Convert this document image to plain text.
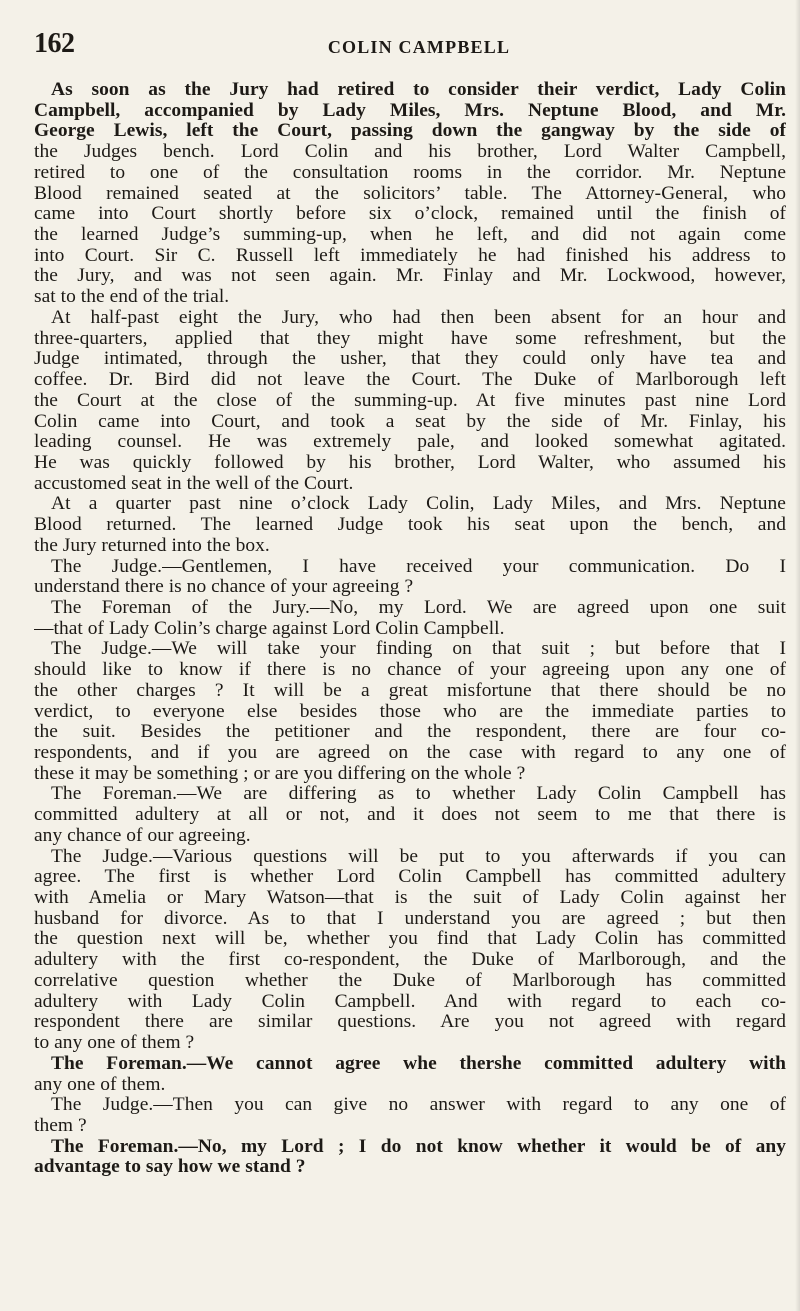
162	COLIN CAMPBELL
As soon as the Jury had retired to consider their verdict, Lady Colin
Campbell, accompanied by Lady Miles, Mrs. Neptune Blood, and Mr.
George Lewis, left the Court, passing down the gangway by the side of
the Judges bench. Lord Colin and his brother, Lord Walter Campbell,
retired to one of the consultation rooms in the corridor. Mr. Neptune
Blood remained seated at the solicitors’ table. The Attorney-General, who
came into Court shortly before six o’clock, remained until the finish of
the learned Judge’s summing-up, when he left, and did not again come
into Court. Sir C. Russell left immediately he had finished his address to
the Jury, and was not seen again. Mr. Finlay and Mr. Lockwood, however,
sat to the end of the trial.
At half-past eight the Jury, who had then been absent for an hour and
three-quarters, applied that they might have some refreshment, but the
Judge intimated, through the usher, that they could only have tea and
coffee. Dr. Bird did not leave the Court. The Duke of Marlborough left
the Court at the close of the summing-up. At five minutes past nine Lord
Colin came into Court, and took a seat by the side of Mr. Finlay, his
leading counsel. He was extremely pale, and looked somewhat agitated.
He was quickly followed by his brother, Lord Walter, who assumed his
accustomed seat in the well of the Court.
At a quarter past nine o’clock Lady Colin, Lady Miles, and Mrs. Neptune
Blood returned. The learned Judge took his seat upon the bench, and
the Jury returned into the box.
The Judge.—Gentlemen, I have received your communication. Do I
understand there is no chance of your agreeing ?
The Foreman of the Jury.—No, my Lord. We are agreed upon one suit
—that of Lady Colin’s charge against Lord Colin Campbell.
The Judge.—We will take your finding on that suit ; but before that I
should like to know if there is no chance of your agreeing upon any one of
the other charges ? It will be a great misfortune that there should be no
verdict, to everyone else besides those who are the immediate parties to
the suit. Besides the petitioner and the respondent, there are four co-
respondents, and if you are agreed on the case with regard to any one of
these it may be something ; or are you differing on the whole ?
The Foreman.—We are differing as to whether Lady Colin Campbell has
committed adultery at all or not, and it does not seem to me that there is
any chance of our agreeing.
The Judge.—Various questions will be put to you afterwards if you can
agree. The first is whether Lord Colin Campbell has committed adultery
with Amelia or Mary Watson—that is the suit of Lady Colin against her
husband for divorce. As to that I understand you are agreed ; but then
the question next will be, whether you find that Lady Colin has committed
adultery with the first co-respondent, the Duke of Marlborough, and the
correlative question whether the Duke of Marlborough has committed
adultery with Lady Colin Campbell. And with regard to each co-
respondent there are similar questions. Are you not agreed with regard
to any one of them ?
The Foreman.—We cannot agree whe thershe committed adultery with
any one of them.
The Judge.—Then you can give no answer with regard to any one of
them ?
The Foreman.—No, my Lord ; I do not know whether it would be of any
advantage to say how we stand ?
